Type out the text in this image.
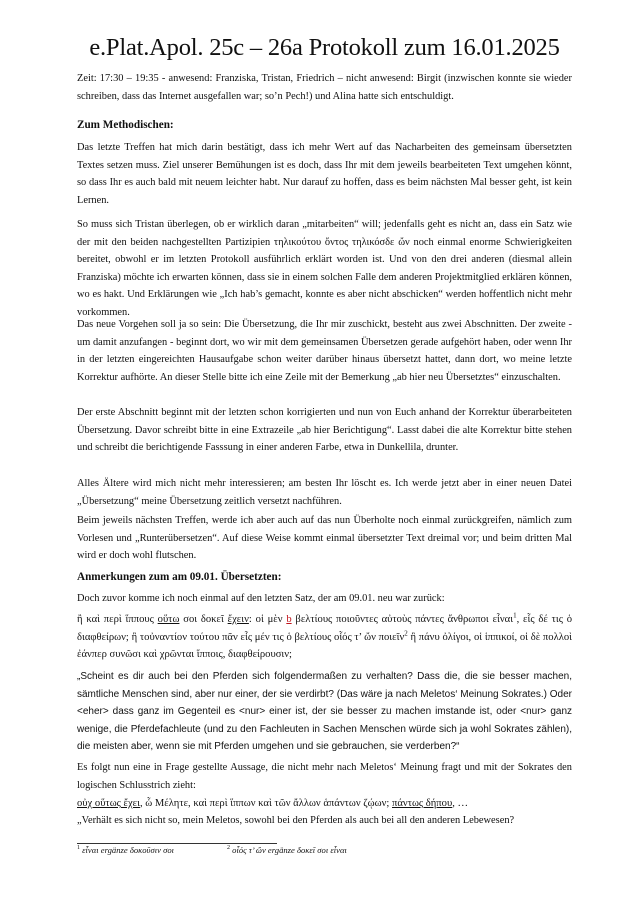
e.Plat.Apol. 25c – 26a Protokoll zum 16.01.2025
Zeit: 17:30 – 19:35 - anwesend: Franziska, Tristan, Friedrich – nicht anwesend: Birgit (inzwischen konnte sie wieder schreiben, dass das Internet ausgefallen war; so’n Pech!) und Alina hatte sich entschuldigt.
Zum Methodischen:
Das letzte Treffen hat mich darin bestätigt, dass ich mehr Wert auf das Nacharbeiten des gemeinsam übersetzten Textes setzen muss. Ziel unserer Bemühungen ist es doch, dass Ihr mit dem jeweils bearbeiteten Text umgehen könnt, so dass Ihr es auch bald mit neuem leichter habt. Nur darauf zu hoffen, dass es beim nächsten Mal besser geht, ist kein Lernen.
So muss sich Tristan überlegen, ob er wirklich daran „mitarbeiten“ will; jedenfalls geht es nicht an, dass ein Satz wie der mit den beiden nachgestellten Partizipien τηλικούτου ὄντος τηλικόσδε ὤν noch einmal enorme Schwierigkeiten bereitet, obwohl er im letzten Protokoll ausführlich erklärt worden ist. Und von den drei anderen (diesmal allein Franziska) möchte ich erwarten können, dass sie in einem solchen Falle dem anderen Projektmitglied erklären können, wo es hakt. Und Erklärungen wie „Ich hab’s gemacht, konnte es aber nicht abschicken“ werden hoffentlich nicht mehr vorkommen.
Das neue Vorgehen soll ja so sein: Die Übersetzung, die Ihr mir zuschickt, besteht aus zwei Abschnitten. Der zweite - um damit anzufangen - beginnt dort, wo wir mit dem gemeinsamen Übersetzen gerade aufgehört haben, oder wenn Ihr in der letzten eingereichten Hausaufgabe schon weiter darüber hinaus übersetzt hattet, dann dort, wo meine letzte Korrektur aufhörte. An dieser Stelle bitte ich eine Zeile mit der Bemerkung „ab hier neu Übersetztes“ einzuschalten.
Der erste Abschnitt beginnt mit der letzten schon korrigierten und nun von Euch anhand der Korrektur überarbeiteten Übersetzung. Davor schreibt bitte in eine Extrazeile „ab hier Berichtigung“. Lasst dabei die alte Korrektur bitte stehen und schreibt die berichtigende Fasssung in einer anderen Farbe, etwa in Dunkellila, drunter.
Alles Ältere wird mich nicht mehr interessieren; am besten Ihr löscht es. Ich werde jetzt aber in einer neuen Datei „Übersetzung“ meine Übersetzung zeitlich versetzt nachführen.
Beim jeweils nächsten Treffen, werde ich aber auch auf das nun Überholte noch einmal zurückgreifen, nämlich zum Vorlesen und „Runterübersetzen“. Auf diese Weise kommt einmal übersetzter Text dreimal vor; und beim dritten Mal wird er doch wohl flutschen.
Anmerkungen zum am 09.01. Übersetzten:
Doch zuvor komme ich noch einmal auf den letzten Satz, der am 09.01. neu war zurück:
ἢ καὶ περὶ ἵππους οὕτω σοι δοκεῖ ἔχειν: οἱ μὲν b βελτίους ποιοῦντες αὐτοὺς πάντες ἄνθρωποι εἶναι$^1$, εἷς δέ τις ὁ διαφθείρων; ἢ τοὐναντίον τούτου πᾶν εἷς μέν τις ὁ βελτίους οἷός τ’ ὤν ποιεῖν$^2$ ἢ πάνυ ὀλίγοι, οἱ ἱππικοί, οἱ δὲ πολλοὶ ἐάνπερ συνῶσι καὶ χρῶνται ἵπποις, διαφθείρουσιν;
„Scheint es dir auch bei den Pferden sich folgendermaßen zu verhalten? Dass die, die sie besser machen, sämtliche Menschen sind, aber nur einer, der sie verdirbt? (Das wäre ja nach Meletos‘ Meinung Sokrates.) Oder <eher> dass ganz im Gegenteil es <nur> einer ist, der sie besser zu machen imstande ist, oder <nur> ganz wenige, die Pferdefachleute (und zu den Fachleuten in Sachen Menschen würde sich ja wohl Sokrates zählen), die meisten aber, wenn sie mit Pferden umgehen und sie gebrauchen, sie verderben?“
Es folgt nun eine in Frage gestellte Aussage, die nicht mehr nach Meletos‘ Meinung fragt und mit der Sokrates den logischen Schlusstrich zieht:
οὐχ οὕτως ἔχει, ὦ Μέλητε, καὶ περὶ ἵππων καὶ τῶν ἄλλων ἁπάντων ζῴων; πάντως δήπου, …
„Verhält es sich nicht so, mein Meletos, sowohl bei den Pferden als auch bei all den anderen Lebewesen?
$^1$ εἶναι ergänze δοκοῦσιν σοι	$^2$ οἷός τ’ ὤν ergänze δοκεῖ σοι εἶναι
